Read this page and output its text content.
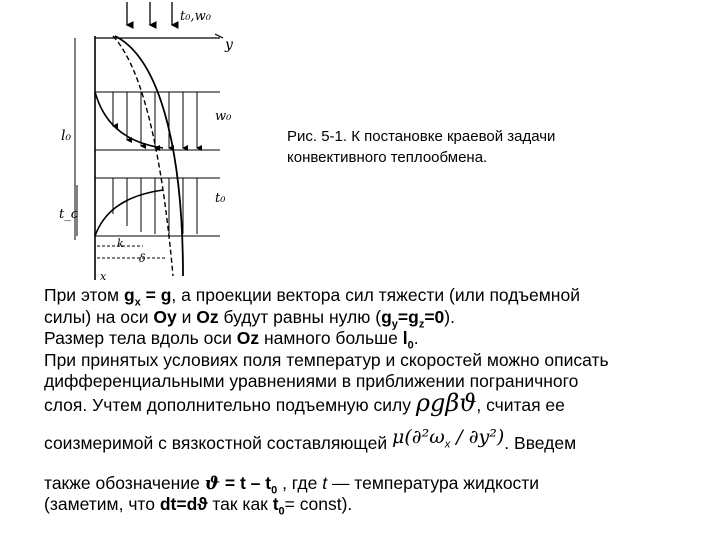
t₀,w₀
y
l₀
w₀
t₀
t_c
k
δ
x
Рис. 5-1. К постановке краевой задачи
конвективного теплообмена.
При этом $g_x = g$, а проекции вектора сил тяжести (или подъемной
силы) на оси Oy и Oz будут равны нулю $(g_y=g_z=0)$.
Размер тела вдоль оси Oz намного больше $l_0$.
При принятых условиях поля температур и скоростей можно описать
дифференциальными уравнениями в приближении пограничного
слоя. Учтем дополнительно подъемную силу ρgβϑ, считая ее
соизмеримой с вязкостной составляющей $\mu(\partial^2\omega_x / \partial y^2)$. Введем
также обозначение $ϑ = t - t_0$ , где t — температура жидкости
(заметим, что dt=dϑ так как $t_0=$ const).
